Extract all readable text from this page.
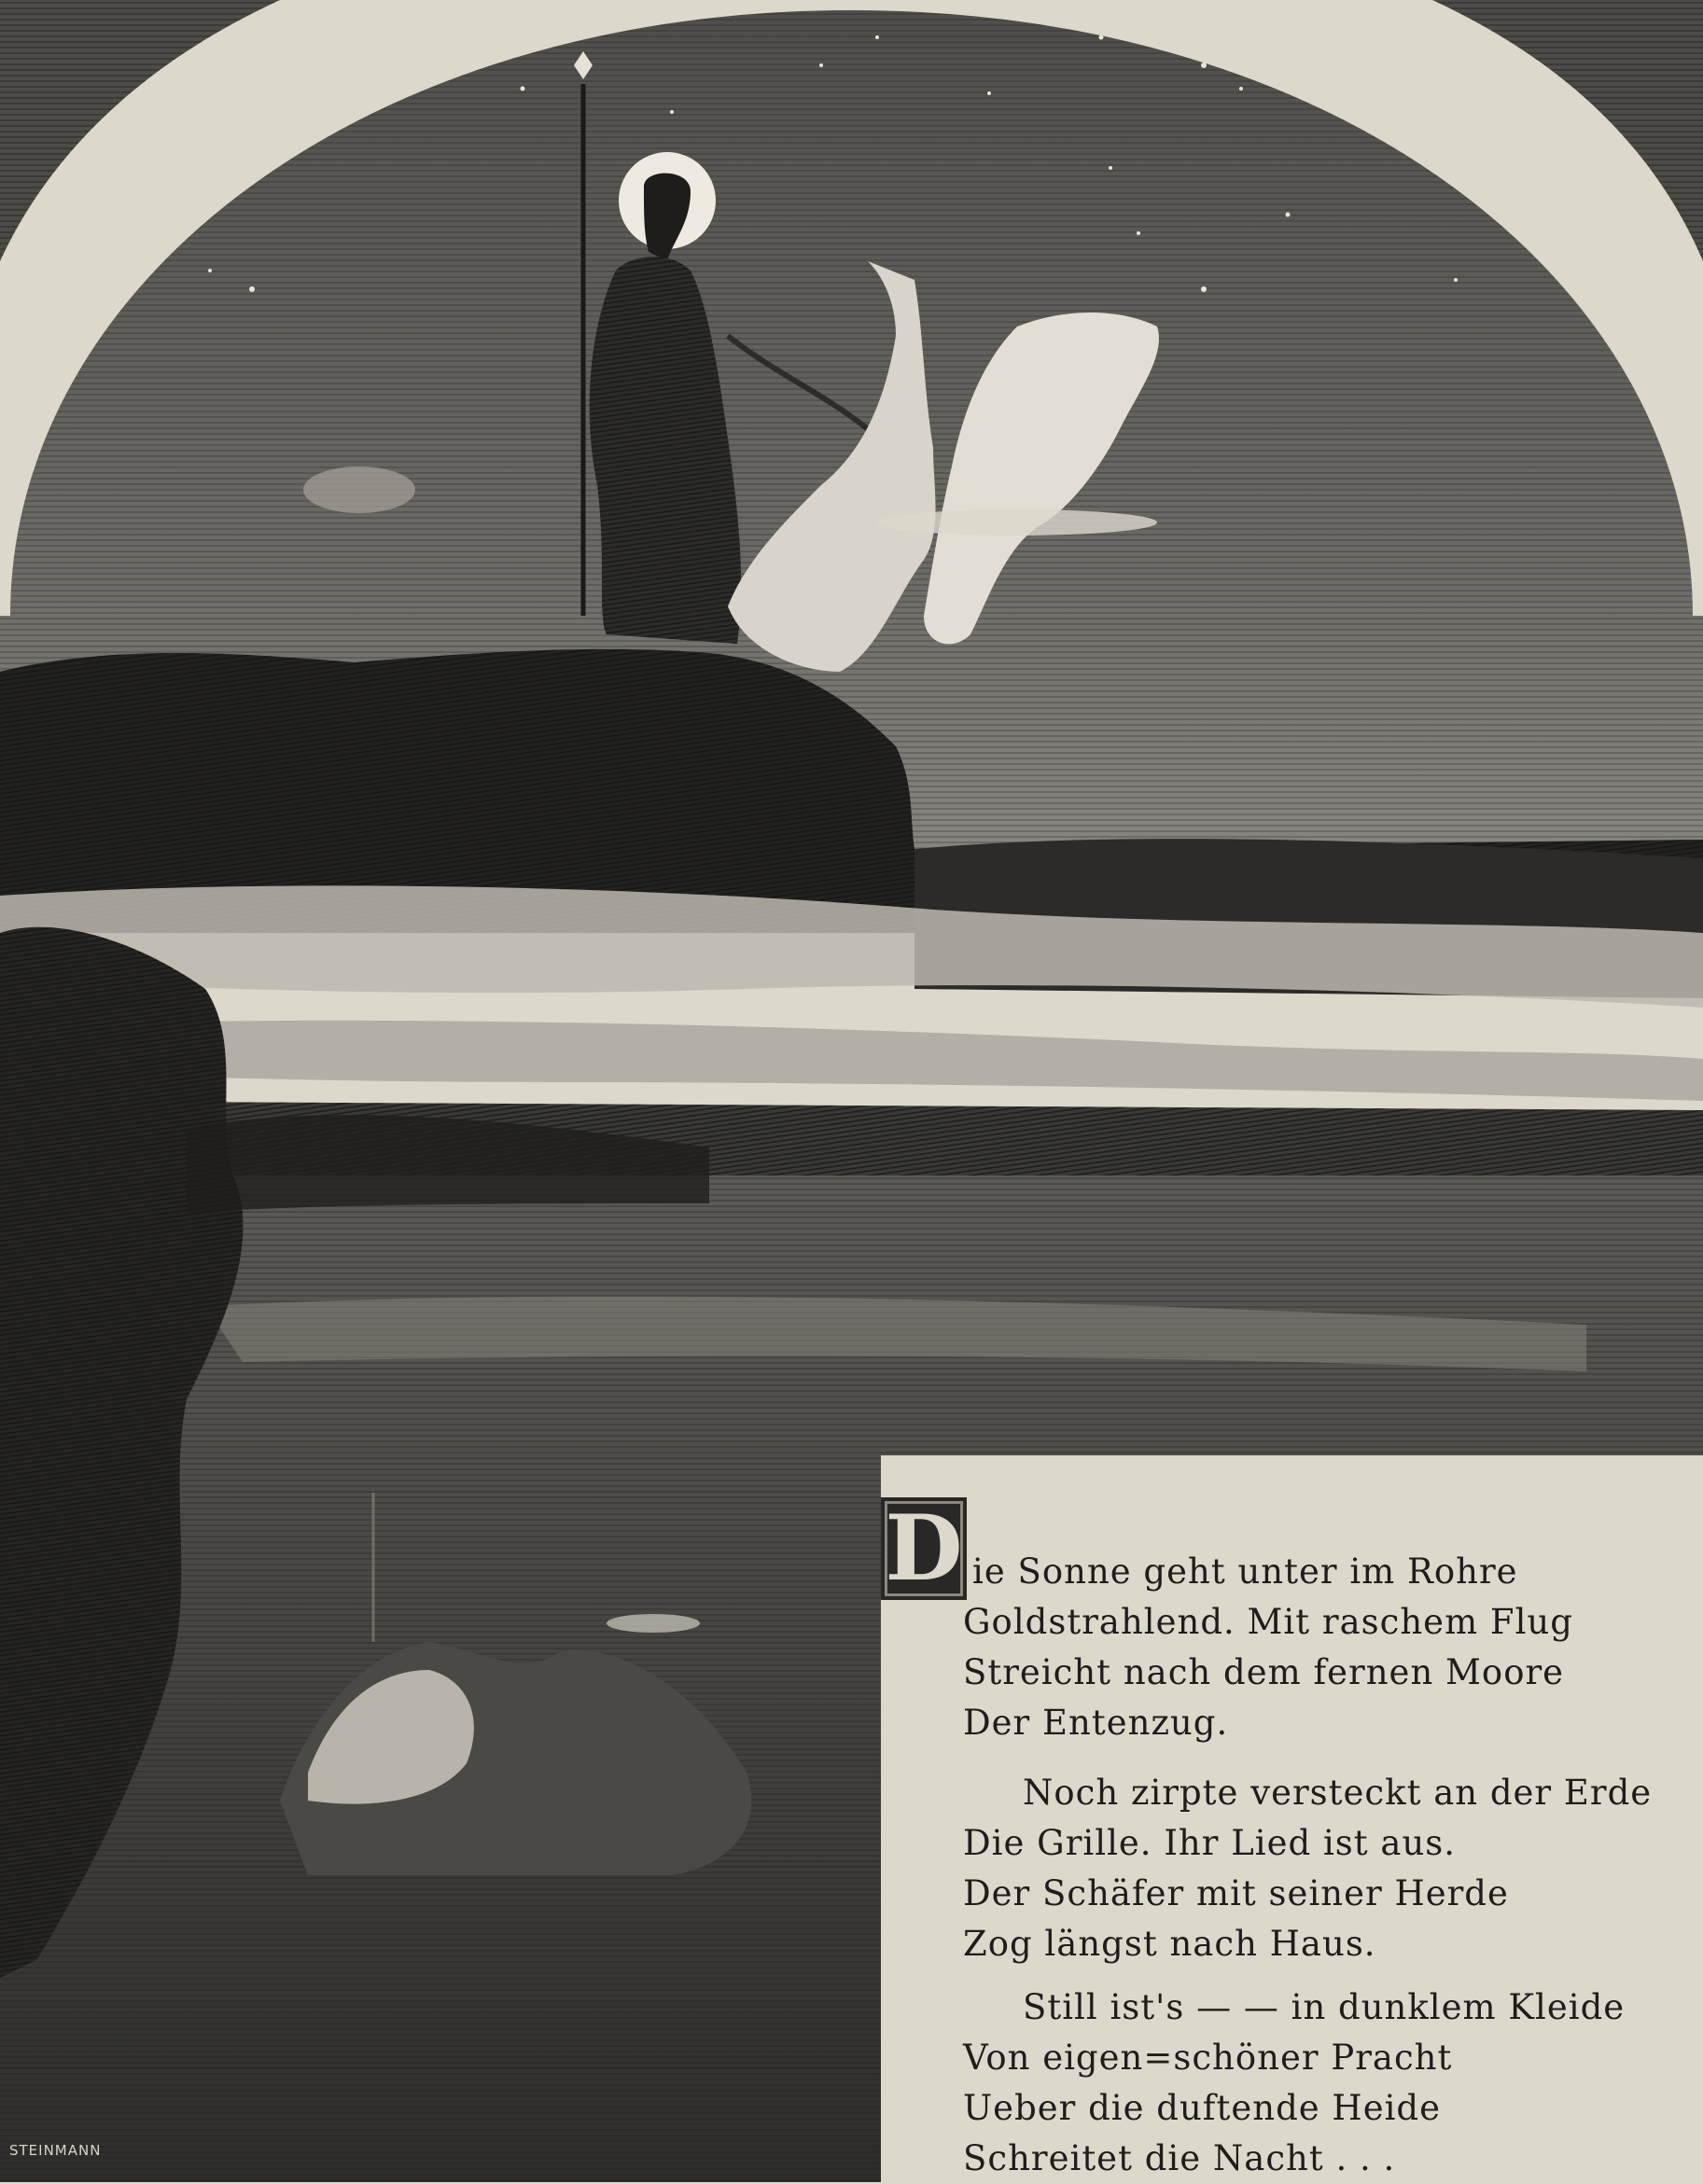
STEINMANN
D ie Sonne geht unter im Rohre
Goldstrahlend. Mit raschem Flug
Streicht nach dem fernen Moore
Der Entenzug.
Noch zirpte versteckt an der Erde
Die Grille. Ihr Lied ist aus.
Der Schäfer mit seiner Herde
Zog längst nach Haus.
Still ist's — — in dunklem Kleide
Von eigen=schöner Pracht
Ueber die duftende Heide
Schreitet die Nacht . . .
